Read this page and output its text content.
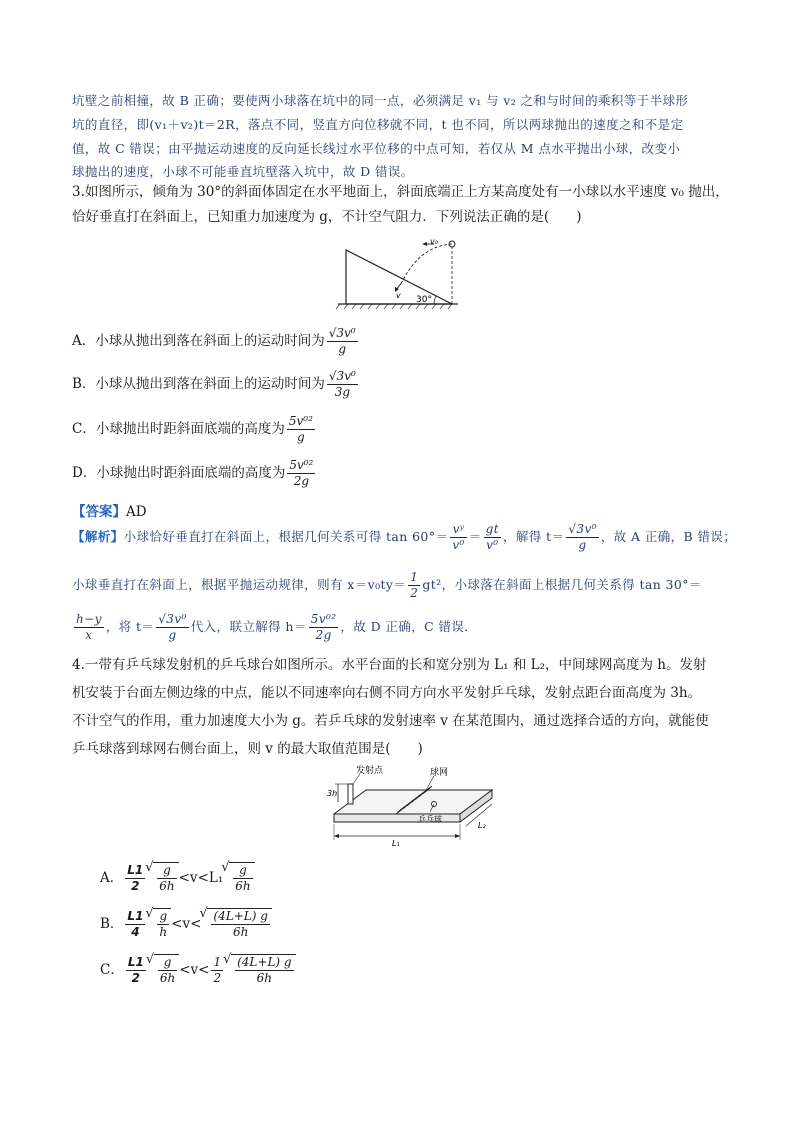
坑壁之前相撞，故 B 正确；要使两小球落在坑中的同一点，必须满足 v₁ 与 v₂ 之和与时间的乘积等于半球形
坑的直径，即(v₁＋v₂)t＝2R，落点不同，竖直方向位移就不同，t 也不同，所以两球抛出的速度之和不是定
值，故 C 错误；由平抛运动速度的反向延长线过水平位移的中点可知，若仅从 M 点水平抛出小球，改变小
球抛出的速度，小球不可能垂直坑壁落入坑中，故 D 错误。
3.如图所示，倾角为 30°的斜面体固定在水平地面上，斜面底端正上方某高度处有一小球以水平速度 v₀ 抛出，
恰好垂直打在斜面上，已知重力加速度为 g，不计空气阻力．下列说法正确的是(　　)
v₀
v 30°
A．小球从抛出到落在斜面上的运动时间为 $\frac{\text{√3v⁰}}{g}$
B．小球从抛出到落在斜面上的运动时间为 $\frac{\text{√3v⁰}}{3g}$
C．小球抛出时距斜面底端的高度为 $\frac{\text{5v⁰²}}{g}$
D．小球抛出时距斜面底端的高度为 $\frac{\text{5v⁰²}}{2g}$
【答案】AD
【解析】小球恰好垂直打在斜面上，根据几何关系可得 $\tan 60^\circ= \frac{\text{vʸ}}{\text{v⁰}} = \frac{gt}{\text{v⁰}}$ ，解得 $t= \frac{\text{√3v⁰}}{g}$ ，故 A 正确，B 错误；
小球垂直打在斜面上，根据平抛运动规律，则有 $x=v_0ty= \frac{1}{2} gt^2$，小球落在斜面上根据几何关系得 tan 30°＝
$\frac{h-y}{x}$ ，将 $t= \frac{\text{√3v⁰}}{g}$ 代入，联立解得 $h= \frac{\text{5v⁰²}}{2g}$ ，故 D 正确，C 错误．
4.一带有乒乓球发射机的乒乓球台如图所示。水平台面的长和宽分别为 L₁ 和 L₂，中间球网高度为 h。发射
机安装于台面左侧边缘的中点，能以不同速率向右侧不同方向水平发射乒乓球，发射点距台面高度为 3h。
不计空气的作用，重力加速度大小为 g。若乒乓球的发射速率 v 在某范围内，通过选择合适的方向，就能使
乒乓球落到球网右侧台面上，则 v 的最大取值范围是(　　)
发射点	球网
乒乓球
3h
L₁
L₂
A． $\frac{L1}{2}$ √ $\frac{g}{6h} <v<L_1$ √ $\frac{g}{6h}$
B． $\frac{L1}{4}$ √ $\frac{g}{h} <v<$ √ $\frac{(4L+L) g}{6h}$
C． $\frac{L1}{2}$ √ $\frac{g}{6h} <v< \frac{1}{2}$ √ $\frac{(4L+L) g}{6h}$
